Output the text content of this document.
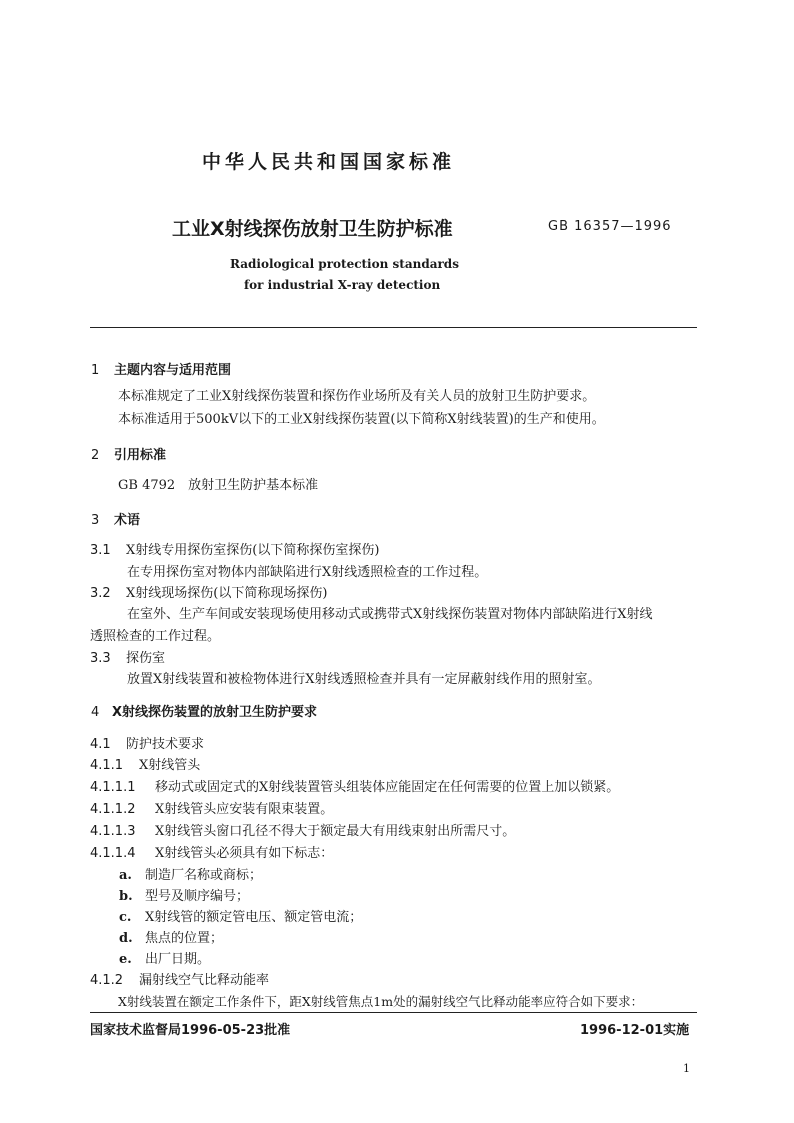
中华人民共和国国家标准
工业X射线探伤放射卫生防护标准	GB 16357—1996
Radiological protection standards
for industrial X-ray detection
1 主题内容与适用范围
本标准规定了工业X射线探伤装置和探伤作业场所及有关人员的放射卫生防护要求。
本标准适用于500kV以下的工业X射线探伤装置(以下简称X射线装置)的生产和使用。
2 引用标准
GB 4792　放射卫生防护基本标准
3 术语
3.1 X射线专用探伤室探伤(以下简称探伤室探伤)
在专用探伤室对物体内部缺陷进行X射线透照检查的工作过程。
3.2 X射线现场探伤(以下简称现场探伤)
在室外、生产车间或安装现场使用移动式或携带式X射线探伤装置对物体内部缺陷进行X射线
透照检查的工作过程。
3.3 探伤室
放置X射线装置和被检物体进行X射线透照检查并具有一定屏蔽射线作用的照射室。
4 X射线探伤装置的放射卫生防护要求
4.1 防护技术要求
4.1.1 X射线管头
4.1.1.1 移动式或固定式的X射线装置管头组装体应能固定在任何需要的位置上加以锁紧。
4.1.1.2 X射线管头应安装有限束装置。
4.1.1.3 X射线管头窗口孔径不得大于额定最大有用线束射出所需尺寸。
4.1.1.4 X射线管头必须具有如下标志：
a. 制造厂名称或商标；
b. 型号及顺序编号；
c. X射线管的额定管电压、额定管电流；
d. 焦点的位置；
e. 出厂日期。
4.1.2 漏射线空气比释动能率
X射线装置在额定工作条件下，距X射线管焦点1m处的漏射线空气比释动能率应符合如下要求：
国家技术监督局1996-05-23批准	1996-12-01实施
1
